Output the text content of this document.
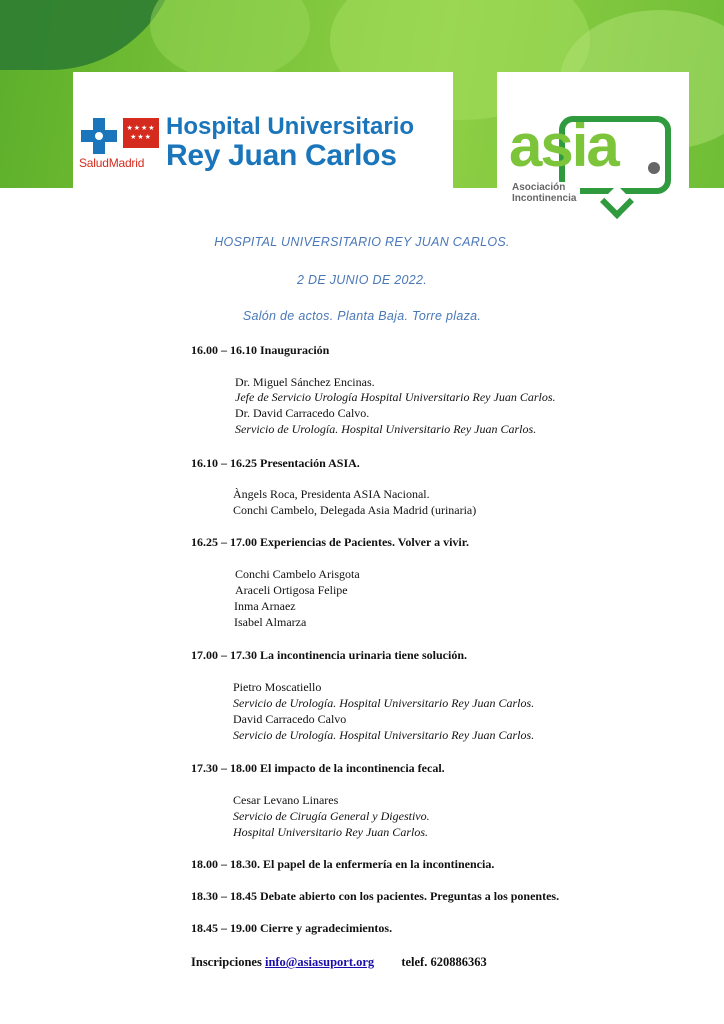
★★★★
★★★
SaludMadrid
Hospital Universitario
Rey Juan Carlos asia
Asociación
Incontinencia
HOSPITAL UNIVERSITARIO REY JUAN CARLOS.
2 DE JUNIO DE 2022.
Salón de actos. Planta Baja. Torre plaza.
16.00 – 16.10 Inauguración
Dr. Miguel Sánchez Encinas.
Jefe de Servicio Urología Hospital Universitario Rey Juan Carlos.
Dr. David Carracedo Calvo.
Servicio de Urología. Hospital Universitario Rey Juan Carlos.
16.10 – 16.25 Presentación ASIA.
Àngels Roca, Presidenta ASIA Nacional.
Conchi Cambelo, Delegada Asia Madrid (urinaria)
16.25 – 17.00 Experiencias de Pacientes. Volver a vivir.
Conchi Cambelo Arisgota
Araceli Ortigosa Felipe
Inma Arnaez
Isabel Almarza
17.00 – 17.30 La incontinencia urinaria tiene solución.
Pietro Moscatiello
Servicio de Urología. Hospital Universitario Rey Juan Carlos.
David Carracedo Calvo
Servicio de Urología. Hospital Universitario Rey Juan Carlos.
17.30 – 18.00 El impacto de la incontinencia fecal.
Cesar Levano Linares
Servicio de Cirugía General y Digestivo.
Hospital Universitario Rey Juan Carlos.
18.00 – 18.30. El papel de la enfermería en la incontinencia.
18.30 – 18.45 Debate abierto con los pacientes. Preguntas a los ponentes.
18.45 – 19.00 Cierre y agradecimientos.
Inscripciones info@asiasuport.org telef. 620886363
